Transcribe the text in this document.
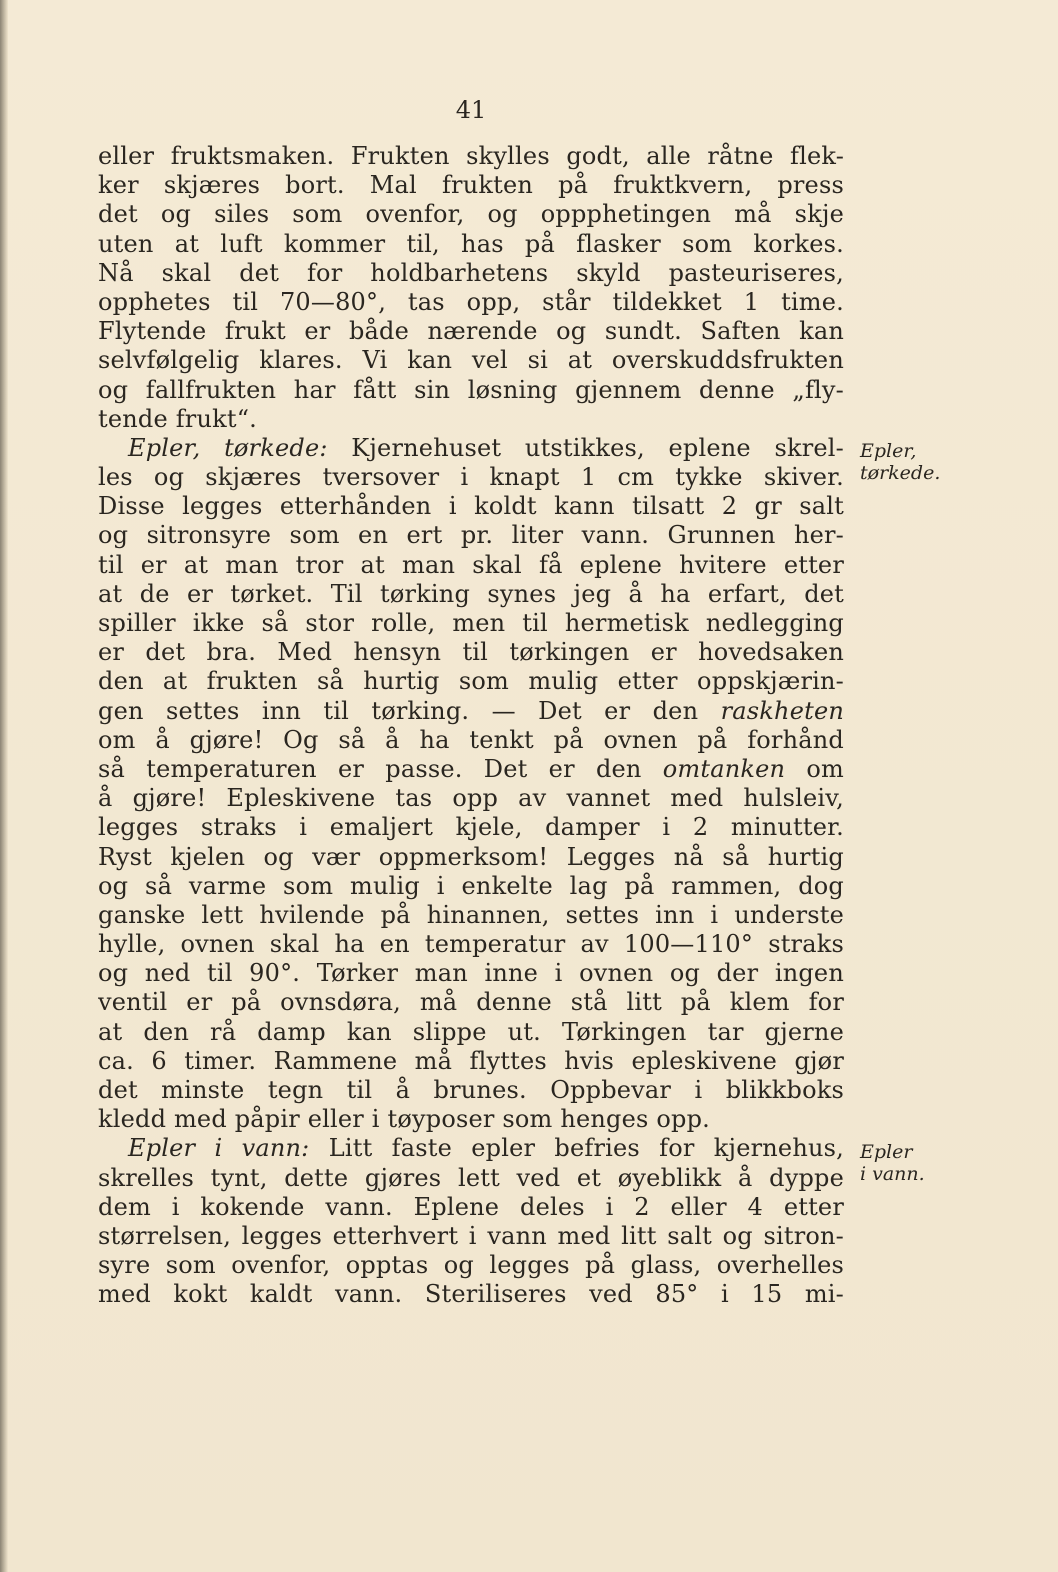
41
eller fruktsmaken. Frukten skylles godt, alle råtne flek-
ker skjæres bort. Mal frukten på fruktkvern, press
det og siles som ovenfor, og oppphetingen må skje
uten at luft kommer til, has på flasker som korkes.
Nå skal det for holdbarhetens skyld pasteuriseres,
opphetes til 70—80°, tas opp, står tildekket 1 time.
Flytende frukt er både nærende og sundt. Saften kan
selvfølgelig klares. Vi kan vel si at overskuddsfrukten
og fallfrukten har fått sin løsning gjennem denne „fly-
tende frukt“.
Epler, tørkede: Kjernehuset utstikkes, eplene skrel-
les og skjæres tversover i knapt 1 cm tykke skiver.
Disse legges etterhånden i koldt kann tilsatt 2 gr salt
og sitronsyre som en ert pr. liter vann. Grunnen her-
til er at man tror at man skal få eplene hvitere etter
at de er tørket. Til tørking synes jeg å ha erfart, det
spiller ikke så stor rolle, men til hermetisk nedlegging
er det bra. Med hensyn til tørkingen er hovedsaken
den at frukten så hurtig som mulig etter oppskjærin-
gen settes inn til tørking. — Det er den raskheten
om å gjøre! Og så å ha tenkt på ovnen på forhånd
så temperaturen er passe. Det er den omtanken om
å gjøre! Epleskivene tas opp av vannet med hulsleiv,
legges straks i emaljert kjele, damper i 2 minutter.
Ryst kjelen og vær oppmerksom! Legges nå så hurtig
og så varme som mulig i enkelte lag på rammen, dog
ganske lett hvilende på hinannen, settes inn i underste
hylle, ovnen skal ha en temperatur av 100—110° straks
og ned til 90°. Tørker man inne i ovnen og der ingen
ventil er på ovnsdøra, må denne stå litt på klem for
at den rå damp kan slippe ut. Tørkingen tar gjerne
ca. 6 timer. Rammene må flyttes hvis epleskivene gjør
det minste tegn til å brunes. Oppbevar i blikkboks
kledd med påpir eller i tøyposer som henges opp.
Epler i vann: Litt faste epler befries for kjernehus,
skrelles tynt, dette gjøres lett ved et øyeblikk å dyppe
dem i kokende vann. Eplene deles i 2 eller 4 etter
størrelsen, legges etterhvert i vann med litt salt og sitron-
syre som ovenfor, opptas og legges på glass, overhelles
med kokt kaldt vann. Steriliseres ved 85° i 15 mi-
Epler,
tørkede.
Epler
i vann.
